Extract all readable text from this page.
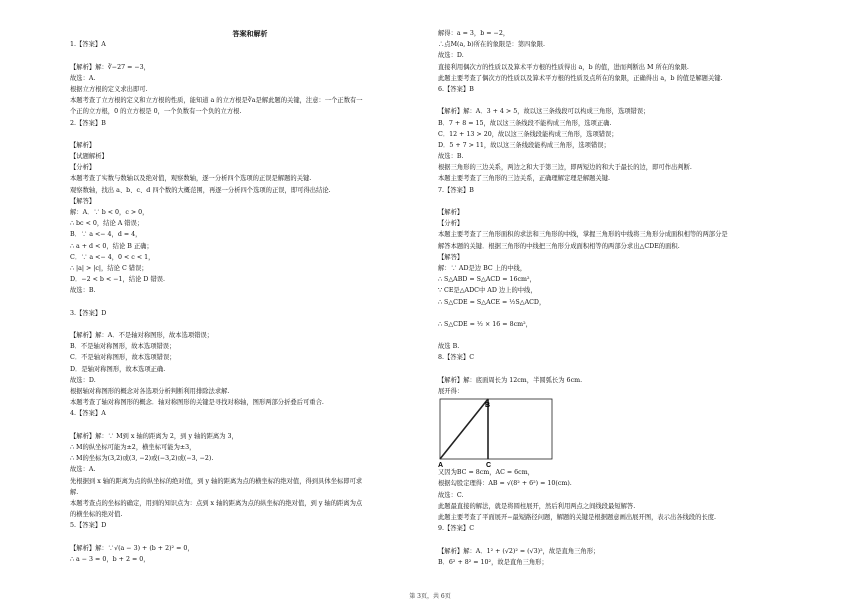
答案和解析
1.【答案】A
【解析】解：∛−27 = −3，
故选：A.
根据立方根的定义求出即可.
本题考查了立方根的定义和立方根的性质，能知道 a 的立方根是∛a是解此题的关键，注意：一个正数有一
个正的立方根，0 的立方根是 0，一个负数有一个负的立方根.
2.【答案】B
【解析】
【试题解析】
【分析】
本题考查了实数与数轴以及绝对值，观察数轴，逐一分析四个选项的正误是解题的关键.
观察数轴，找出 a、b、c、d 四个数的大概范围，再逐一分析四个选项的正误，即可得出结论.
【解答】
解：A．∵ b < 0，c > 0，
∴ bc < 0，结论 A 错误；
B．∵ a <− 4，d = 4，
∴ a + d < 0，结论 B 正确；
C．∵ a <− 4，0 < c < 1，
∴ |a| > |c|，结论 C 错误；
D．−2 < b < −1，结论 D 错误.
故选：B.
3.【答案】D
【解析】解：A．不是轴对称图形，故本选项错误；
B．不是轴对称图形，故本选项错误；
C．不是轴对称图形，故本选项错误；
D．是轴对称图形，故本选项正确.
故选：D.
根据轴对称图形的概念对各选项分析判断利用排除法求解.
本题考查了轴对称图形的概念．轴对称图形的关键是寻找对称轴，图形两部分折叠后可重合.
4.【答案】A
【解析】解：∵ M到 x 轴的距离为 2，到 y 轴的距离为 3，
∴ M的纵坐标可能为±2，横坐标可能为±3，
∴ M的坐标为(3,2)或(3, −2)或(−3,2)或(−3, −2).
故选：A.
先根据到 x 轴的距离为点的纵坐标的绝对值，到 y 轴的距离为点的横坐标的绝对值，得到具体坐标即可求
解.
本题考查点的坐标的确定，用到的知识点为：点到 x 轴的距离为点的纵坐标的绝对值，到 y 轴的距离为点
的横坐标的绝对值.
5.【答案】D
【解析】解：∵√(a − 3) + (b + 2)² = 0，
∴ a − 3 = 0，b + 2 = 0，
解得：a = 3，b = −2，
∴点M(a, b)所在的象限是：第四象限.
故选：D.
直接利用偶次方的性质以及算术平方根的性质得出 a，b 的值，进而判断出 M 所在的象限.
此题主要考查了偶次方的性质以及算术平方根的性质及点所在的象限，正确得出 a，b 的值是解题关键.
6.【答案】B
【解析】解：A．3 + 4 > 5，故以这三条线段可以构成三角形，选项错误；
B．7 + 8 = 15，故以这三条线段不能构成三角形，选项正确.
C．12 + 13 > 20，故以这三条线段能构成三角形，选项错误；
D．5 + 7 > 11，故以这三条线段能构成三角形，选项错误；
故选：B.
根据三角形的三边关系，两边之和大于第三边，即两短边的和大于最长的边，即可作出判断.
本题主要考查了三角形的三边关系，正确理解定理是解题关键.
7.【答案】B
【解析】
【分析】
本题主要考查了三角形面积的求法和三角形的中线，掌握三角形的中线将三角形分成面积相等的两部分是
解答本题的关键．根据三角形的中线把三角形分成面积相等的两部分求出△CDE的面积.
【解答】
解：∵ AD是边 BC 上的中线，
∴ S△ABD = S△ACD = 16cm²，
∵ CE是△ADC中 AD 边上的中线，
∴ S△CDE = S△ACE = ½S△ACD，
∴ S△CDE = ½ × 16 = 8cm²，
故选 B.
8.【答案】C
【解析】解：底面周长为 12cm，半圆弧长为 6cm.
展开得：
B
A	C
又因为BC = 8cm，AC = 6cm，
根据勾股定理得：AB = √(8² + 6²) = 10(cm).
故选：C.
此题最直接的解法，就是将圆柱展开，然后利用两点之间线段最短解答.
此题主要考查了平面展开−最短路径问题，解题的关键是根据题意画出展开图，表示出各线段的长度.
9.【答案】C
【解析】解：A．1² + (√2)² = (√3)²，故是直角三角形；
B．6² + 8² = 10²，故是直角三角形；
第 3页，共 6页
